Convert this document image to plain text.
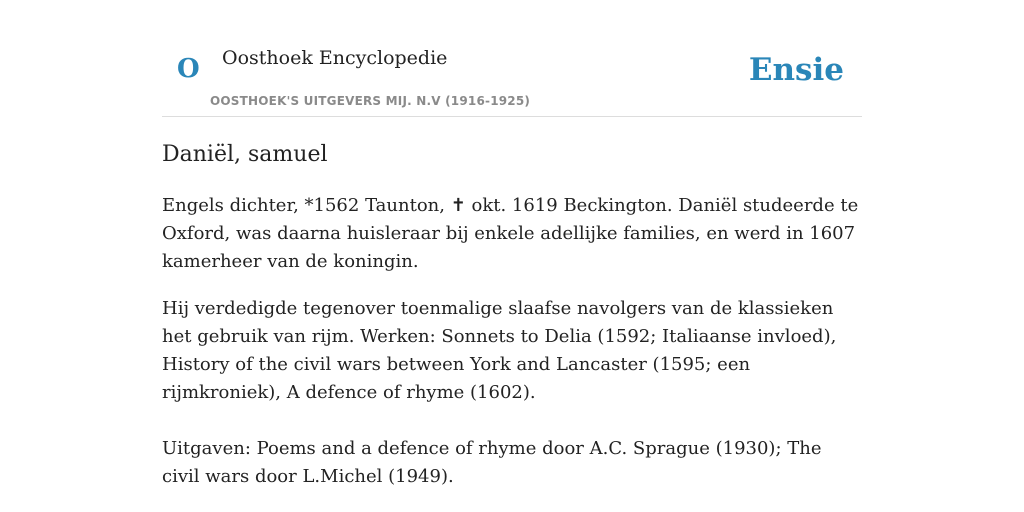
O Oosthoek Encyclopedie
OOSTHOEK'S UITGEVERS MIJ. N.V (1916-1925)
Ensie
Daniël, samuel

Engels dichter, *1562 Taunton, ✝ okt. 1619 Beckington. Daniël studeerde te Oxford, was daarna huisleraar bij enkele adellijke families, en werd in 1607 kamerheer van de koningin.

Hij verdedigde tegenover toenmalige slaafse navolgers van de klassieken het gebruik van rijm. Werken: Sonnets to Delia (1592; Italiaanse invloed), History of the civil wars between York and Lancaster (1595; een rijmkroniek), A defence of rhyme (1602).

Uitgaven: Poems and a defence of rhyme door A.C. Sprague (1930); The civil wars door L.Michel (1949).
